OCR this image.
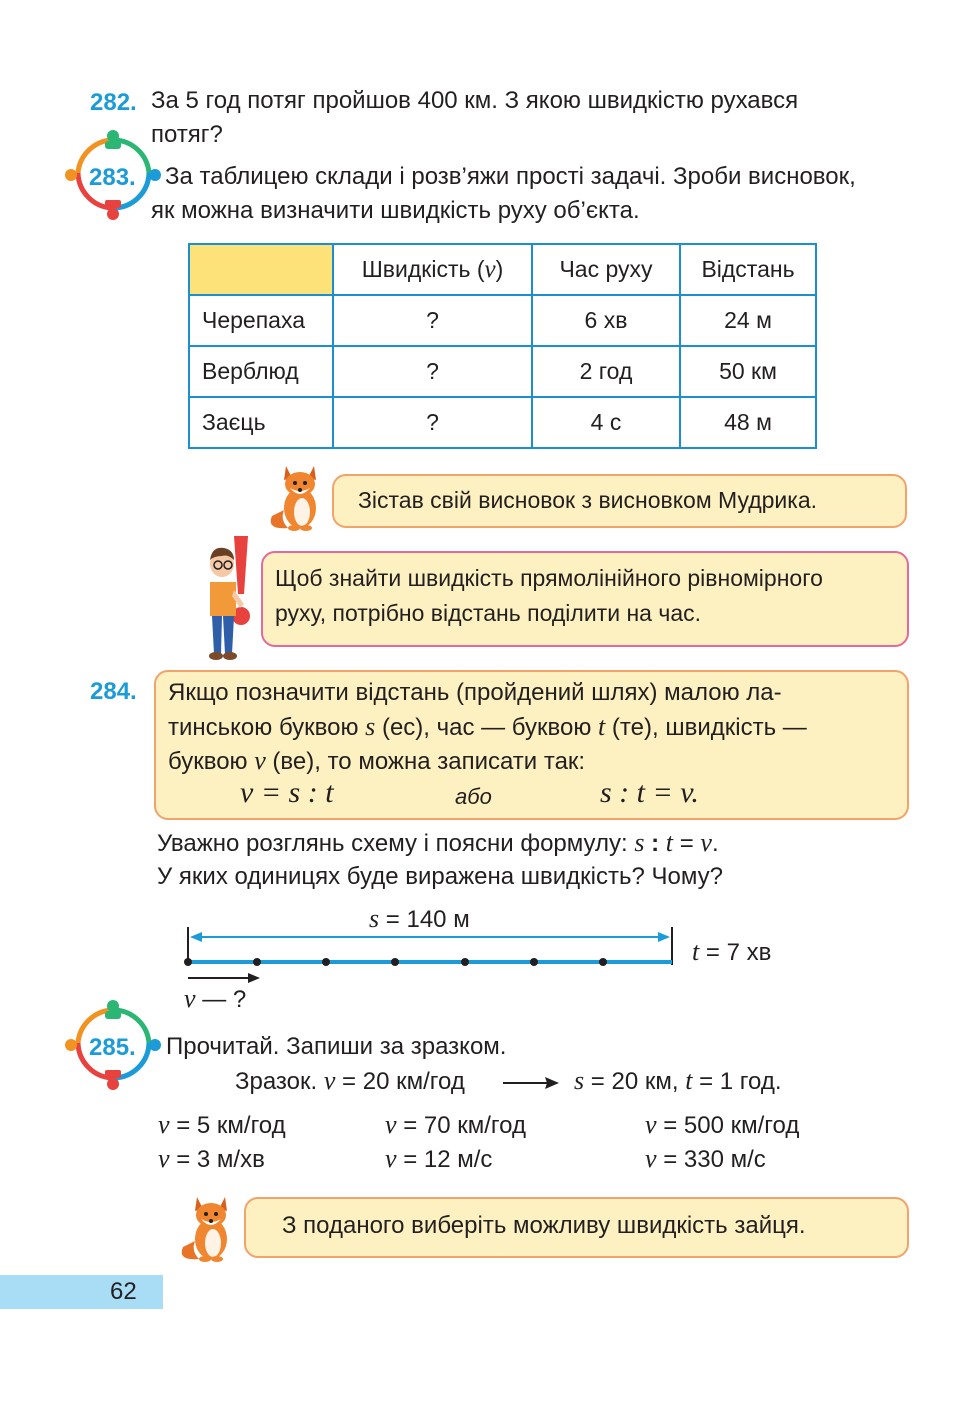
282. За 5 год потяг пройшов 400 км. З якою швидкістю рухався
потяг?
283. За таблицею склади і розв’яжи прості задачі. Зроби висновок,
як можна визначити швидкість руху об’єкта.
	Швидкість (v)	Час руху	Відстань
Черепаха	?	6 хв	24 м
Верблюд	?	2 год	50 км
Заєць	?	4 с	48 м
Зістав свій висновок з висновком Мудрика.
Щоб знайти швидкість прямолінійного рівномірного
руху, потрібно відстань поділити на час.
284. Якщо позначити відстань (пройдений шлях) малою ла-
тинською буквою s (ес), час — буквою t (те), швидкість —
буквою v (ве), то можна записати так:
v = s : t	або	s : t = v.
Уважно розглянь схему і поясни формулу: s : t = v.
У яких одиницях буде виражена швидкість? Чому?
s = 140 м
t = 7 хв
v — ?
285. Прочитай. Запиши за зразком.
Зразок. v = 20 км/год	s = 20 км, t = 1 год.
v = 5 км/год	v = 70 км/год	v = 500 км/год
v = 3 м/хв	v = 12 м/с	v = 330 м/с
З поданого виберіть можливу швидкість зайця.
62
